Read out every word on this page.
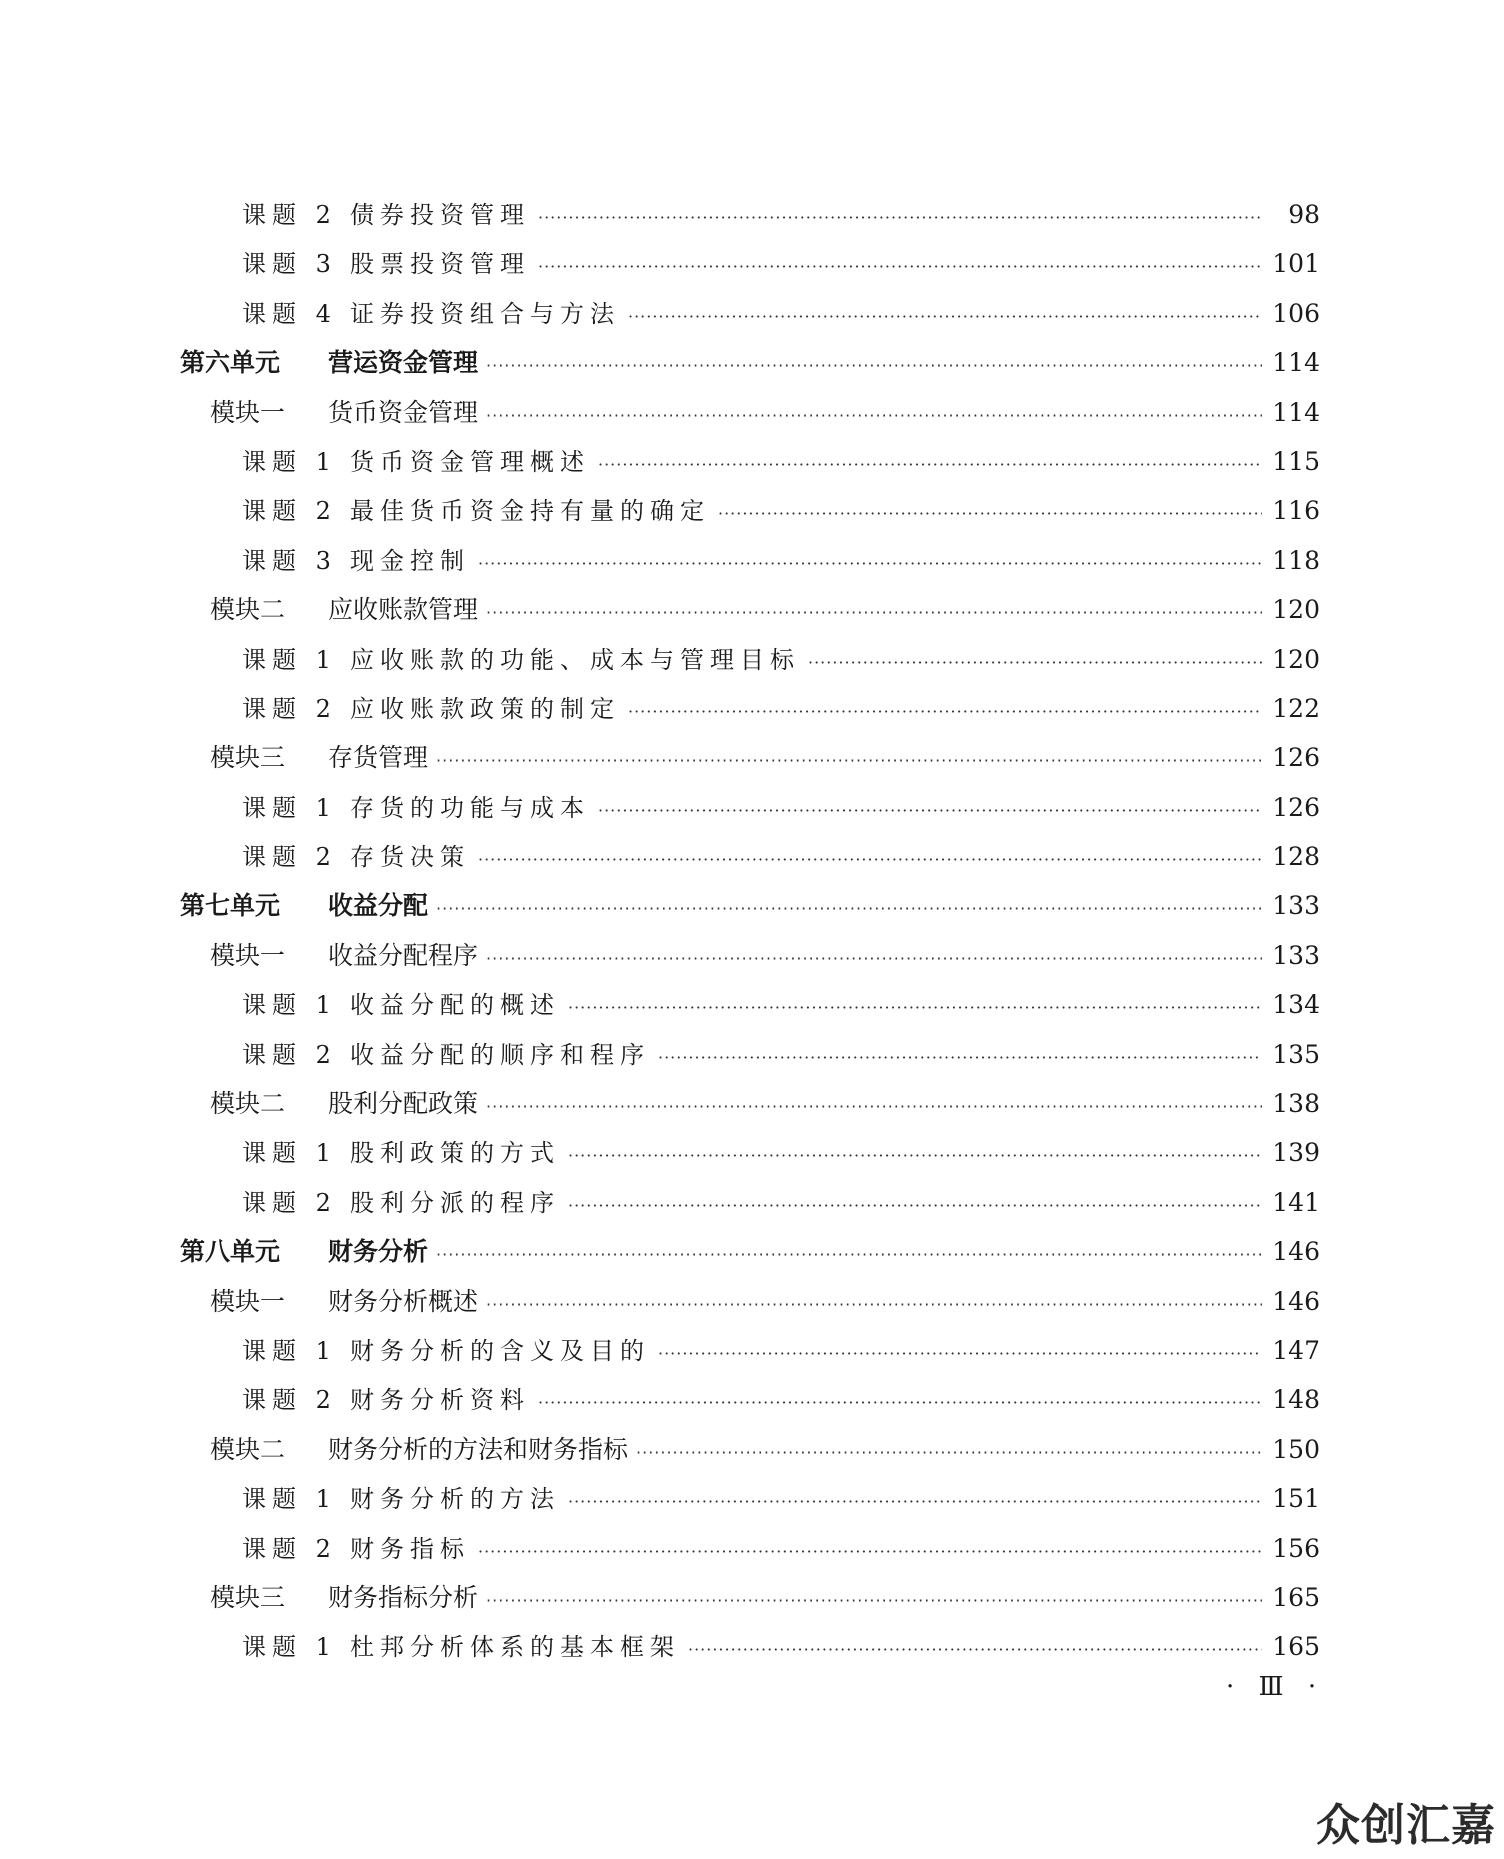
课题 2 债券投资管理 ·····	98
课题 3 股票投资管理 ·····	101
课题 4 证券投资组合与方法 ·····	106
第六单元	营运资金管理 ·····	114
模块一	货币资金管理 ·····	114
课题 1 货币资金管理概述 ·····	115
课题 2 最佳货币资金持有量的确定 ·····	116
课题 3 现金控制 ·····	118
模块二	应收账款管理 ·····	120
课题 1 应收账款的功能、成本与管理目标 ·····	120
课题 2 应收账款政策的制定 ·····	122
模块三	存货管理 ·····	126
课题 1 存货的功能与成本 ·····	126
课题 2 存货决策 ·····	128
第七单元	收益分配 ·····	133
模块一	收益分配程序 ·····	133
课题 1 收益分配的概述 ·····	134
课题 2 收益分配的顺序和程序 ·····	135
模块二	股利分配政策 ·····	138
课题 1 股利政策的方式 ·····	139
课题 2 股利分派的程序 ·····	141
第八单元	财务分析 ·····	146
模块一	财务分析概述 ·····	146
课题 1 财务分析的含义及目的 ·····	147
课题 2 财务分析资料 ·····	148
模块二	财务分析的方法和财务指标 ·····	150
课题 1 财务分析的方法 ·····	151
课题 2 财务指标 ·····	156
模块三	财务指标分析 ·····	165
课题 1 杜邦分析体系的基本框架 ·····	165
· Ⅲ ·
众创汇嘉
